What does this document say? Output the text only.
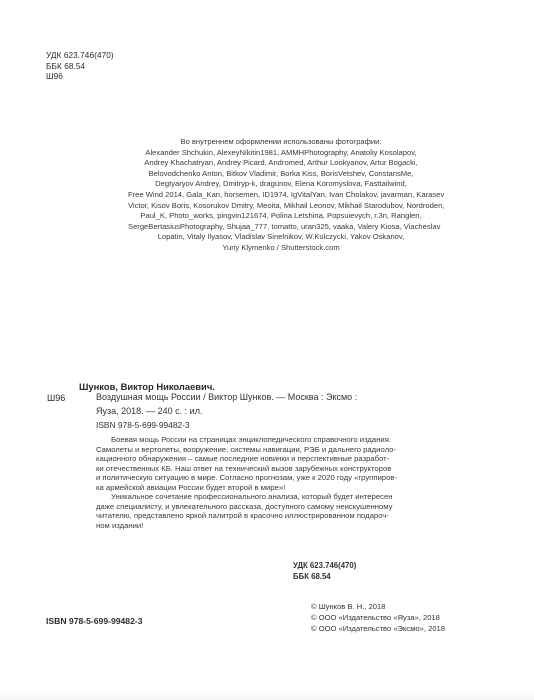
УДК 623.746(470)
ББК 68.54
Ш96
Во внутреннем оформлении использованы фотографии:
Alexander Shchukin, AlexeyNikitin1981, AMMHPhotography, Anatoliy Kosolapov,
Andrey Khachatryan, Andrey Picard, Andromed, Arthur Lookyanov, Artur Bogacki,
Belovodchenko Anton, Bitkov Vladimir, Borka Kiss, BorisVetshev, ConstansMe,
Degtyaryov Andrey, Dmitryp-k, dragunov, Elena Koromyslova, Fasttailwind,
Free Wind 2014, Gala_Kan, horsemen, ID1974, IgVitalYan, Ivan Cholakov, javarman, Karasev
Victor, Kisov Boris, Kosorukov Dmitry, Meoita, Mikhail Leonov, Mikhail Starodubov, Nordroden,
Paul_K, Photo_works, pingvin121674, Polina Letshina, Popsuievych, r.3n, Ranglen,
SergeBertasiusPhotography, Shujaa_777, tomatto, uran325, vaaka, Valery Kiosa, Viacheslav
Lopatin, Vitaly Ilyasov, Vladislav Sinelnikov, W.Kulczycki, Yakov Oskanov,
Yuriy Klymenko / Shutterstock.com
Шунков, Виктор Николаевич.
Ш96	Воздушная мощь России / Виктор Шунков. — Москва : Эксмо :
Яуза, 2018. — 240 с. : ил.
ISBN 978-5-699-99482-3
Боевая мощь России на страницах энциклопедического справочного издания.
Самолеты и вертолеты, вооружение, системы навигации, РЭБ и дальнего радиоло-
кационного обнаружения – самые последние новинки и перспективные разработ-
ки отечественных КБ. Наш ответ на технический вызов зарубежных конструкторов
и политическую ситуацию в мире. Согласно прогнозам, уже к 2020 году «группиров-
ка армейской авиации России будет второй в мире»!
Уникальное сочетание профессионального анализа, который будет интересен
даже специалисту, и увлекательного рассказа, доступного самому неискушенному
читателю, представлено яркой палитрой в красочно иллюстрированном подароч-
ном издании!
УДК 623.746(470)
ББК 68.54
ISBN 978-5-699-99482-3
© Шунков В. Н., 2018
© ООО «Издательство «Яуза», 2018
© ООО «Издательство «Эксмо», 2018
